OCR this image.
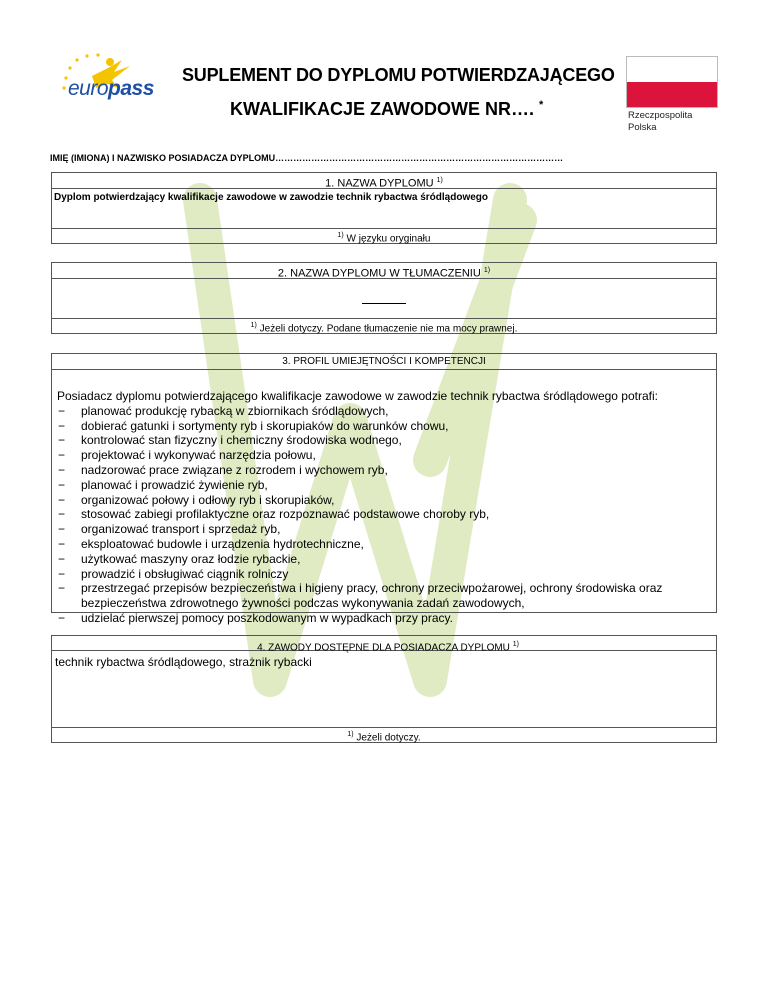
europass
SUPLEMENT DO DYPLOMU POTWIERDZAJĄCEGO
KWALIFIKACJE ZAWODOWE NR…. *
Rzeczpospolita
Polska
IMIĘ (IMIONA) I NAZWISKO POSIADACZA DYPLOMU……………………………………………………………………………………
1. NAZWA DYPLOMU $^{1)}$
Dyplom potwierdzający kwalifikacje zawodowe w zawodzie technik rybactwa śródlądowego
$^{1)}$ W języku oryginału
2. NAZWA DYPLOMU W TŁUMACZENIU $^{1)}$
$^{1)}$ Jeżeli dotyczy. Podane tłumaczenie nie ma mocy prawnej.
3. PROFIL UMIEJĘTNOŚCI I KOMPETENCJI
Posiadacz dyplomu potwierdzającego kwalifikacje zawodowe w zawodzie technik rybactwa śródlądowego potrafi:
− planować produkcję rybacką w zbiornikach śródlądowych,
− dobierać gatunki i sortymenty ryb i skorupiaków do warunków chowu,
− kontrolować stan fizyczny i chemiczny środowiska wodnego,
− projektować i wykonywać narzędzia połowu,
− nadzorować prace związane z rozrodem i wychowem ryb,
− planować i prowadzić żywienie ryb,
− organizować połowy i odłowy ryb i skorupiaków,
− stosować zabiegi profilaktyczne oraz rozpoznawać podstawowe choroby ryb,
− organizować transport i sprzedaż ryb,
− eksploatować budowle i urządzenia hydrotechniczne,
− użytkować maszyny oraz łodzie rybackie,
− prowadzić i obsługiwać ciągnik rolniczy
− przestrzegać przepisów bezpieczeństwa i higieny pracy, ochrony przeciwpożarowej, ochrony środowiska oraz bezpieczeństwa zdrowotnego żywności podczas wykonywania zadań zawodowych,
− udzielać pierwszej pomocy poszkodowanym w wypadkach przy pracy.
4. ZAWODY DOSTĘPNE DLA POSIADACZA DYPLOMU $^{1)}$
technik rybactwa śródlądowego, strażnik rybacki
$^{1)}$ Jeżeli dotyczy.
